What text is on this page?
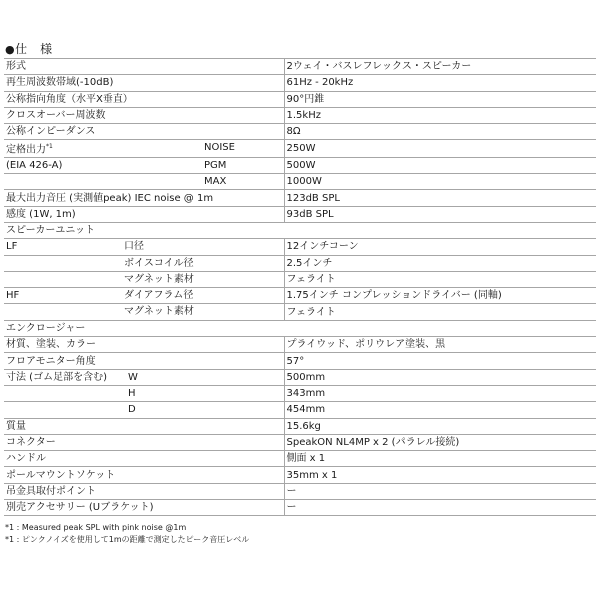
●仕　様
形式	2ウェイ・バスレフレックス・スピーカー
再生周波数帯域(-10dB)	61Hz - 20kHz
公称指向角度（水平X垂直）	90°円錐
クロスオーバー周波数	1.5kHz
公称インピーダンス	8Ω
定格出力$^{*1}$ NOISE	250W
(EIA 426-A) PGM	500W

MAX	1000W
最大出力音圧 (実測値peak) IEC noise @ 1m	123dB SPL
感度 (1W, 1m)	93dB SPL
スピーカーユニット	
LF 口径	12インチコーン

ボイスコイル径	2.5インチ

マグネット素材	フェライト
HF ダイアフラム径	1.75インチ コンプレッションドライバー (同軸)

マグネット素材	フェライト
エンクロージャー	
材質、塗装、カラー	プライウッド、ポリウレア塗装、黒
フロアモニター角度	57°
寸法 (ゴム足部を含む) W	500mm

H	343mm

D	454mm
質量	15.6kg
コネクター	SpeakON NL4MP x 2 (パラレル接続)
ハンドル	側面 x 1
ポールマウントソケット	35mm x 1
吊金具取付ポイント	ー
別売アクセサリー (Uブラケット)	ー
*1 : Measured peak SPL with pink noise @1m
*1 : ピンクノイズを使用して1mの距離で測定したピーク音圧レベル
